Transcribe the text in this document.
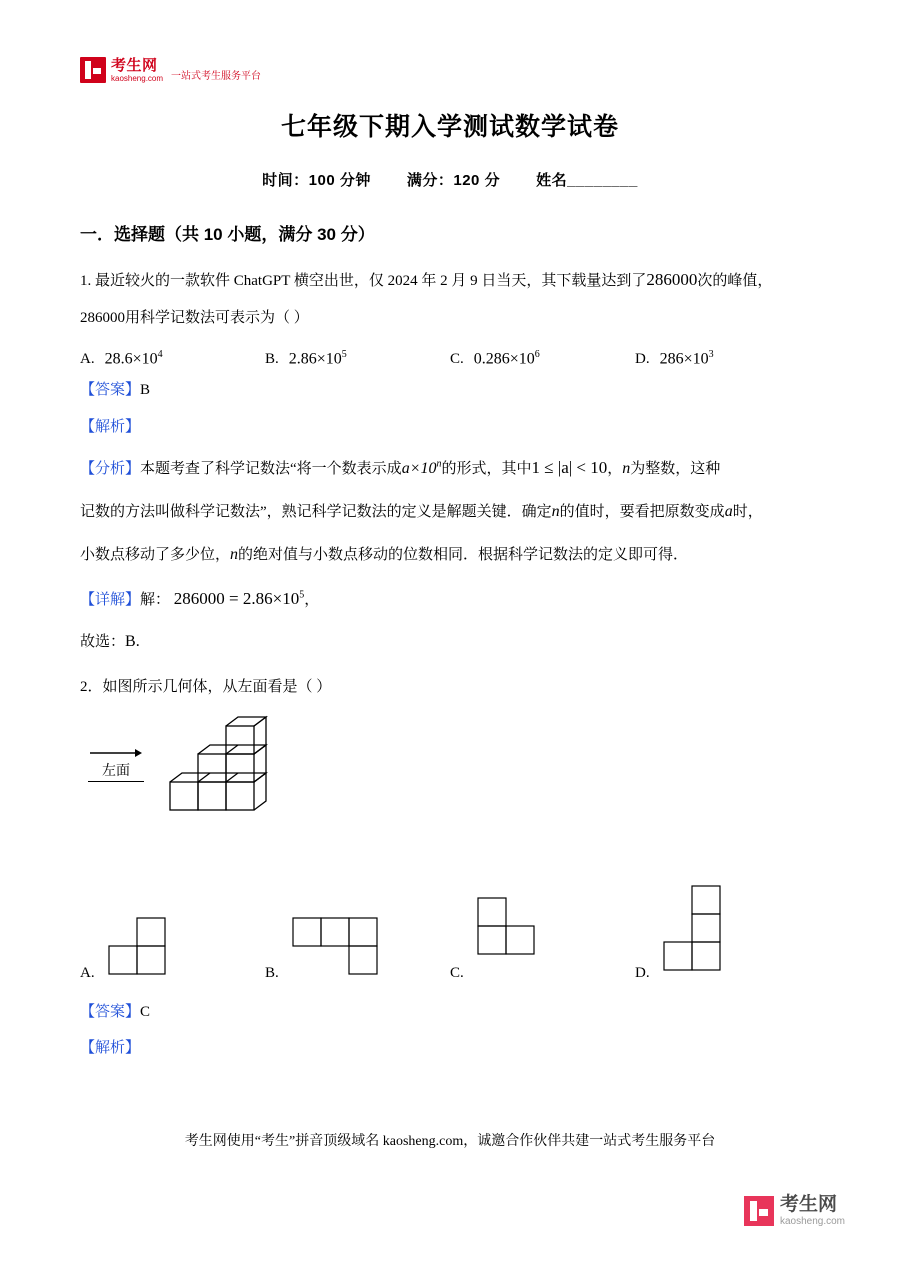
考生网
kaosheng.com 一站式考生服务平台
七年级下期入学测试数学试卷
时间：100 分钟 满分：120 分 姓名________
一．选择题（共 10 小题，满分 30 分）
1. 最近较火的一款软件 ChatGPT 横空出世，仅 2024 年 2 月 9 日当天，其下载量达到了286000次的峰值，
286000用科学记数法可表示为（ ）
A. $28.6\times 10^4$	B. $2.86\times 10^5$	C. $0.286\times 10^6$	D. $286\times 10^3$
【答案】B
【解析】
【分析】本题考查了科学记数法“将一个数表示成$a\times 10^n$的形式，其中1 ≤ |a| < 10，n为整数，这种
记数的方法叫做科学记数法”，熟记科学记数法的定义是解题关键．确定n的值时，要看把原数变成a时，
小数点移动了多少位，n的绝对值与小数点移动的位数相同．根据科学记数法的定义即可得．
【详解】解： $286000 = 2.86\times 10^5$，
故选：B.
2．如图所示几何体，从左面看是（ ）
左面
A.	B.	C.	D.
【答案】C
【解析】
考生网使用“考生”拼音顶级域名 kaosheng.com，诚邀合作伙伴共建一站式考生服务平台
考生网
kaosheng.com
